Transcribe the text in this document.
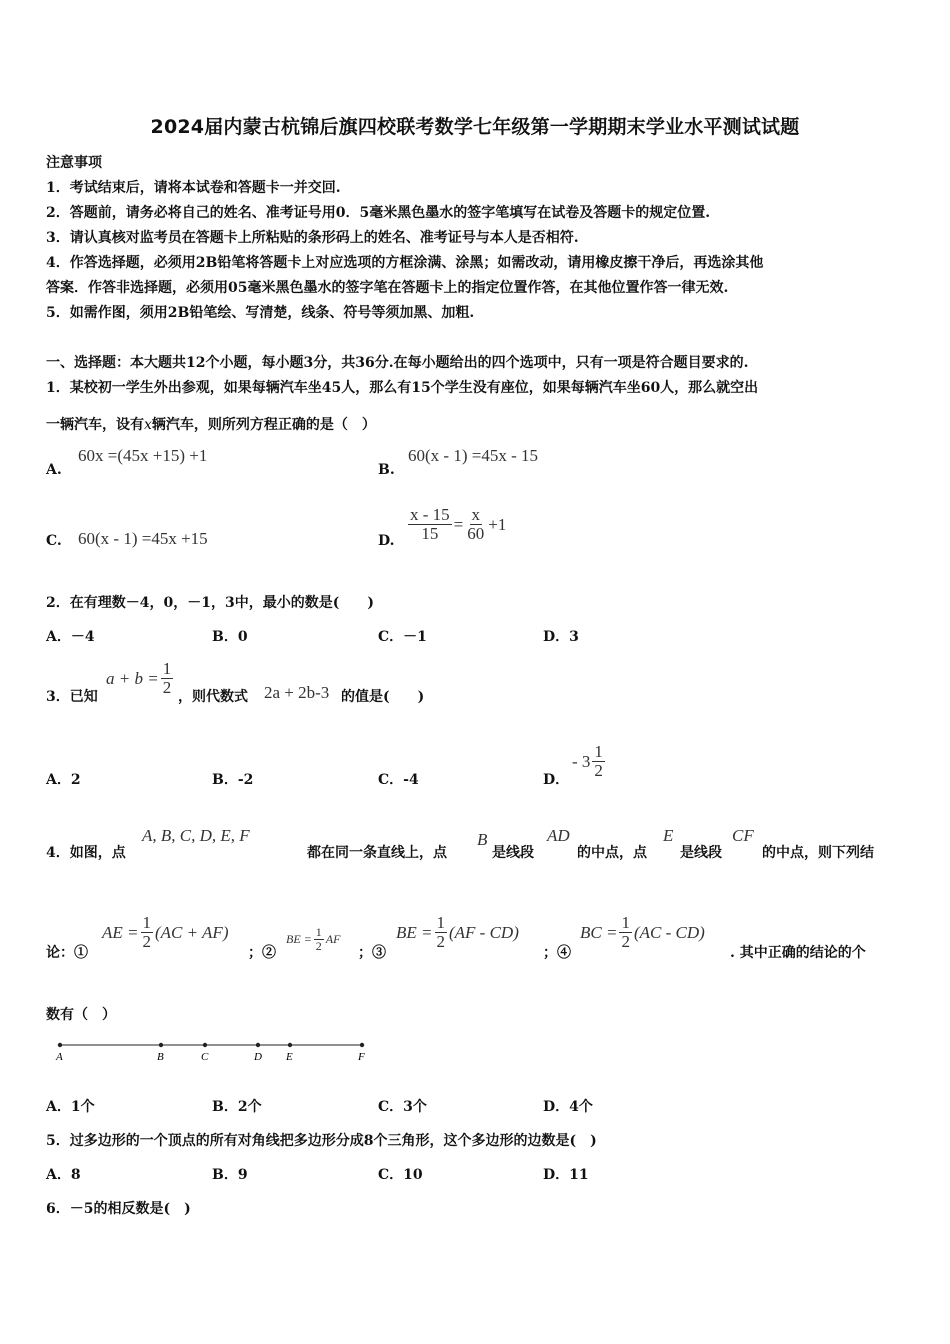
2024届内蒙古杭锦后旗四校联考数学七年级第一学期期末学业水平测试试题
注意事项
1．考试结束后，请将本试卷和答题卡一并交回.
2．答题前，请务必将自己的姓名、准考证号用0．5毫米黑色墨水的签字笔填写在试卷及答题卡的规定位置.
3．请认真核对监考员在答题卡上所粘贴的条形码上的姓名、准考证号与本人是否相符.
4．作答选择题，必须用2B铅笔将答题卡上对应选项的方框涂满、涂黑；如需改动，请用橡皮擦干净后，再选涂其他
答案．作答非选择题，必须用05毫米黑色墨水的签字笔在答题卡上的指定位置作答，在其他位置作答一律无效.
5．如需作图，须用2B铅笔绘、写清楚，线条、符号等须加黑、加粗.
一、选择题：本大题共12个小题，每小题3分，共36分.在每小题给出的四个选项中，只有一项是符合题目要求的.
1．某校初一学生外出参观，如果每辆汽车坐45人，那么有15个学生没有座位，如果每辆汽车坐60人，那么就空出
一辆汽车，设有x辆汽车，则所列方程正确的是（　）
A.
60x =(45x +15) +1
B.
60(x - 1) =45x - 15
C. 60(x - 1) =45x +15	D. $\frac{x - 15}{15} = \frac{x}{60} +1$
2．在有理数－4，0，－1，3中，最小的数是(　　)
A．－4	B．0	C．－1	D．3
3．已知
$a + b = \frac{1}{2}$ ，则代数式 2a + 2b-3 的值是(　　)
A．2	B．-2	C．-4	D．
- $3 \frac{1}{2}$
4．如图，点
A, B, C, D, E, F
都在同一条直线上，点
B
是线段
AD
的中点，点
E
是线段
CF
的中点，则下列结
论：①
AE = $\frac{1}{2} (AC + AF)$
；②
BE = $\frac{1}{2}$ AF
；③
BE = $\frac{1}{2} (AF - CD)$
；④
BC = $\frac{1}{2} (AC - CD)$
. 其中正确的结论的个
数有（　）
A	B	C	D E	F
A．1个	B．2个	C．3个	D．4个
5．过多边形的一个顶点的所有对角线把多边形分成8个三角形，这个多边形的边数是(　)
A．8	B．9	C．10	D．11
6．－5的相反数是(　)
